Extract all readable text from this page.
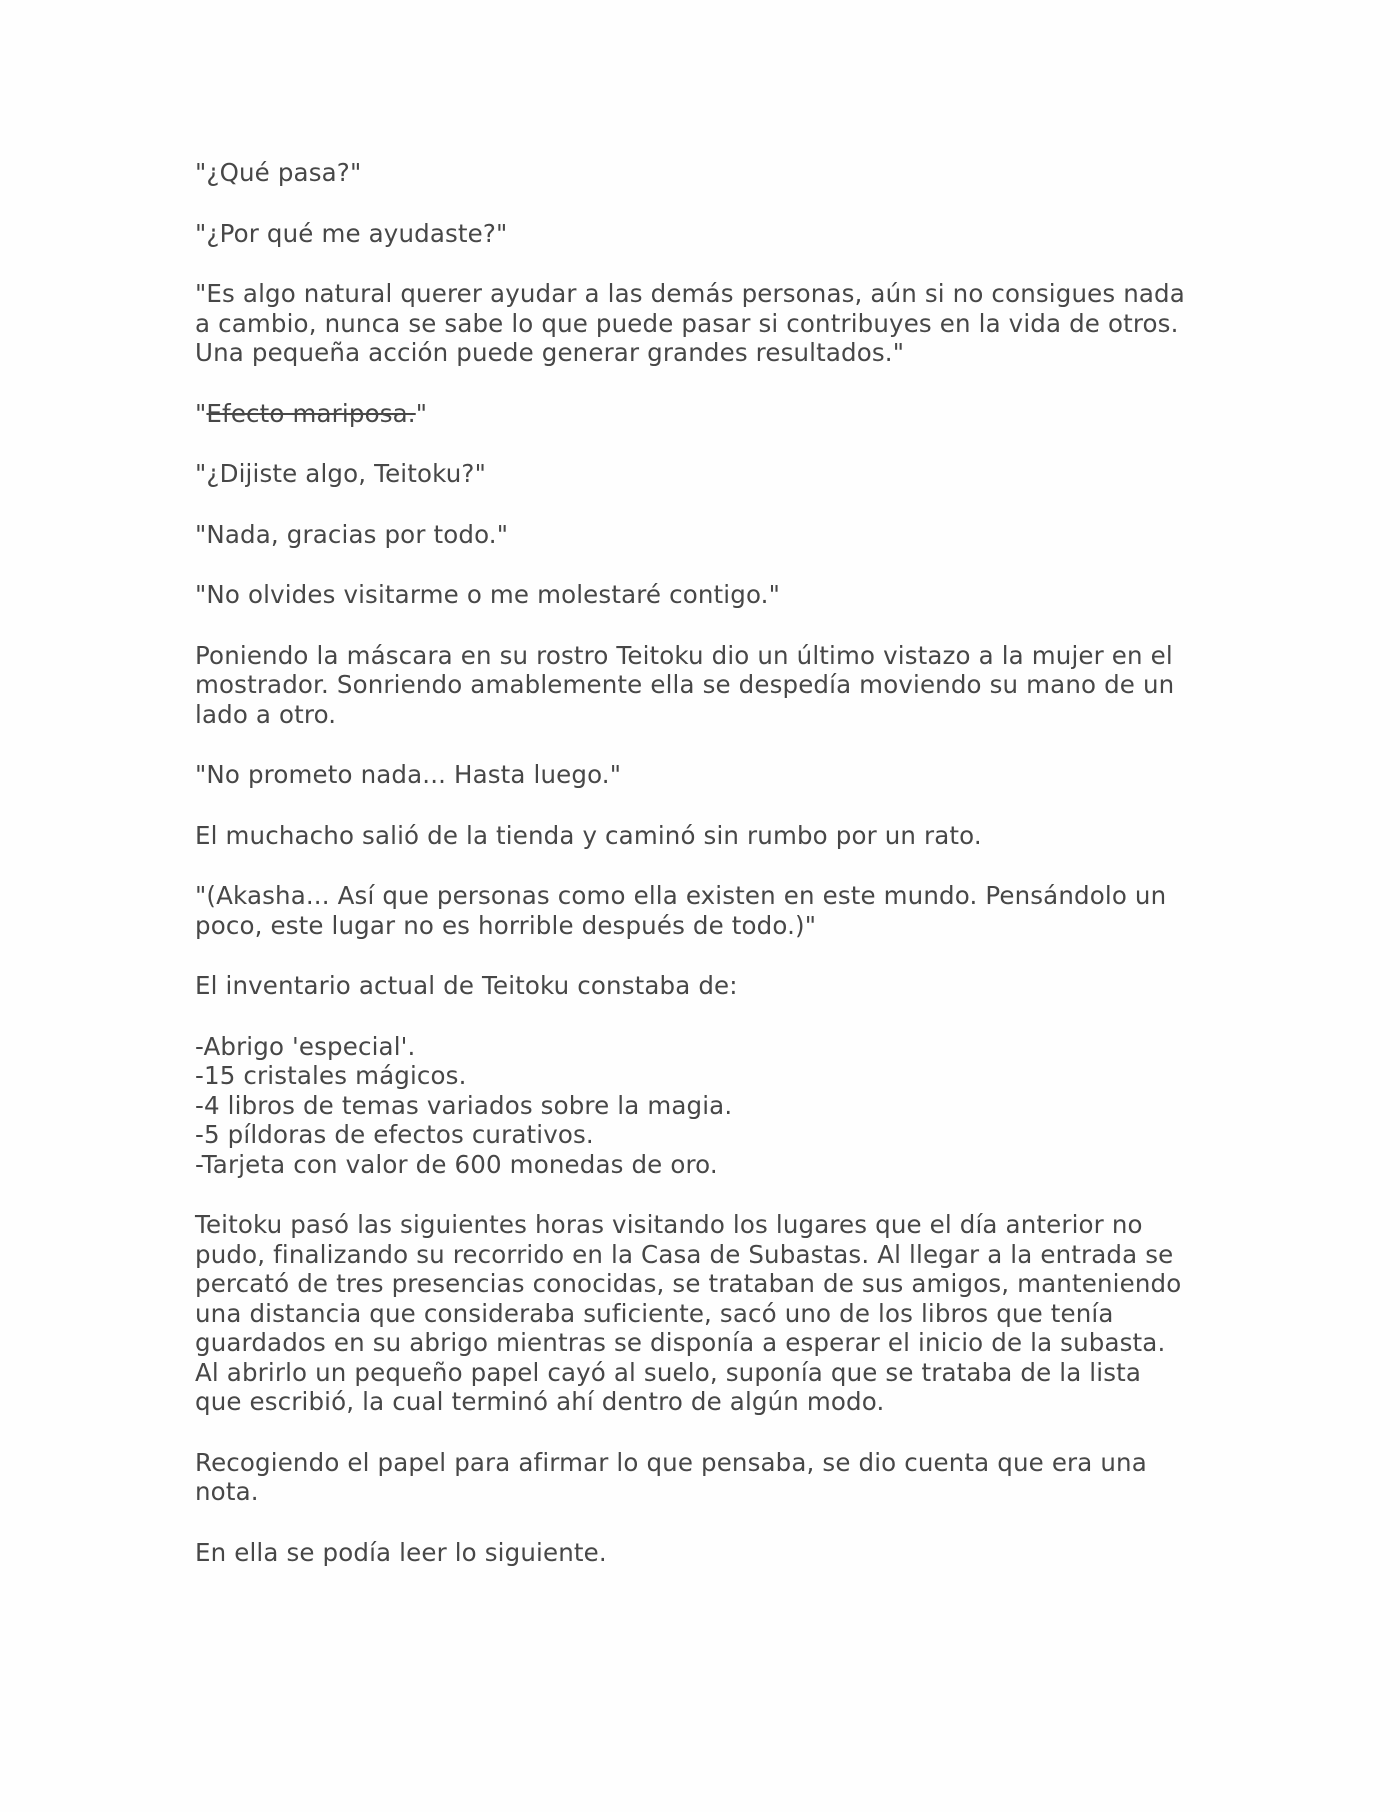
"¿Qué pasa?"

"¿Por qué me ayudaste?"

"Es algo natural querer ayudar a las demás personas, aún si no consigues nada
a cambio, nunca se sabe lo que puede pasar si contribuyes en la vida de otros.
Una pequeña acción puede generar grandes resultados."

"Efecto mariposa."

"¿Dijiste algo, Teitoku?"

"Nada, gracias por todo."

"No olvides visitarme o me molestaré contigo."

Poniendo la máscara en su rostro Teitoku dio un último vistazo a la mujer en el
mostrador. Sonriendo amablemente ella se despedía moviendo su mano de un
lado a otro.

"No prometo nada... Hasta luego."

El muchacho salió de la tienda y caminó sin rumbo por un rato.

"(Akasha... Así que personas como ella existen en este mundo. Pensándolo un
poco, este lugar no es horrible después de todo.)"

El inventario actual de Teitoku constaba de:

-Abrigo 'especial'.
-15 cristales mágicos.
-4 libros de temas variados sobre la magia.
-5 píldoras de efectos curativos.
-Tarjeta con valor de 600 monedas de oro.

Teitoku pasó las siguientes horas visitando los lugares que el día anterior no
pudo, finalizando su recorrido en la Casa de Subastas. Al llegar a la entrada se
percató de tres presencias conocidas, se trataban de sus amigos, manteniendo
una distancia que consideraba suficiente, sacó uno de los libros que tenía
guardados en su abrigo mientras se disponía a esperar el inicio de la subasta.
Al abrirlo un pequeño papel cayó al suelo, suponía que se trataba de la lista
que escribió, la cual terminó ahí dentro de algún modo.

Recogiendo el papel para afirmar lo que pensaba, se dio cuenta que era una
nota.

En ella se podía leer lo siguiente.
